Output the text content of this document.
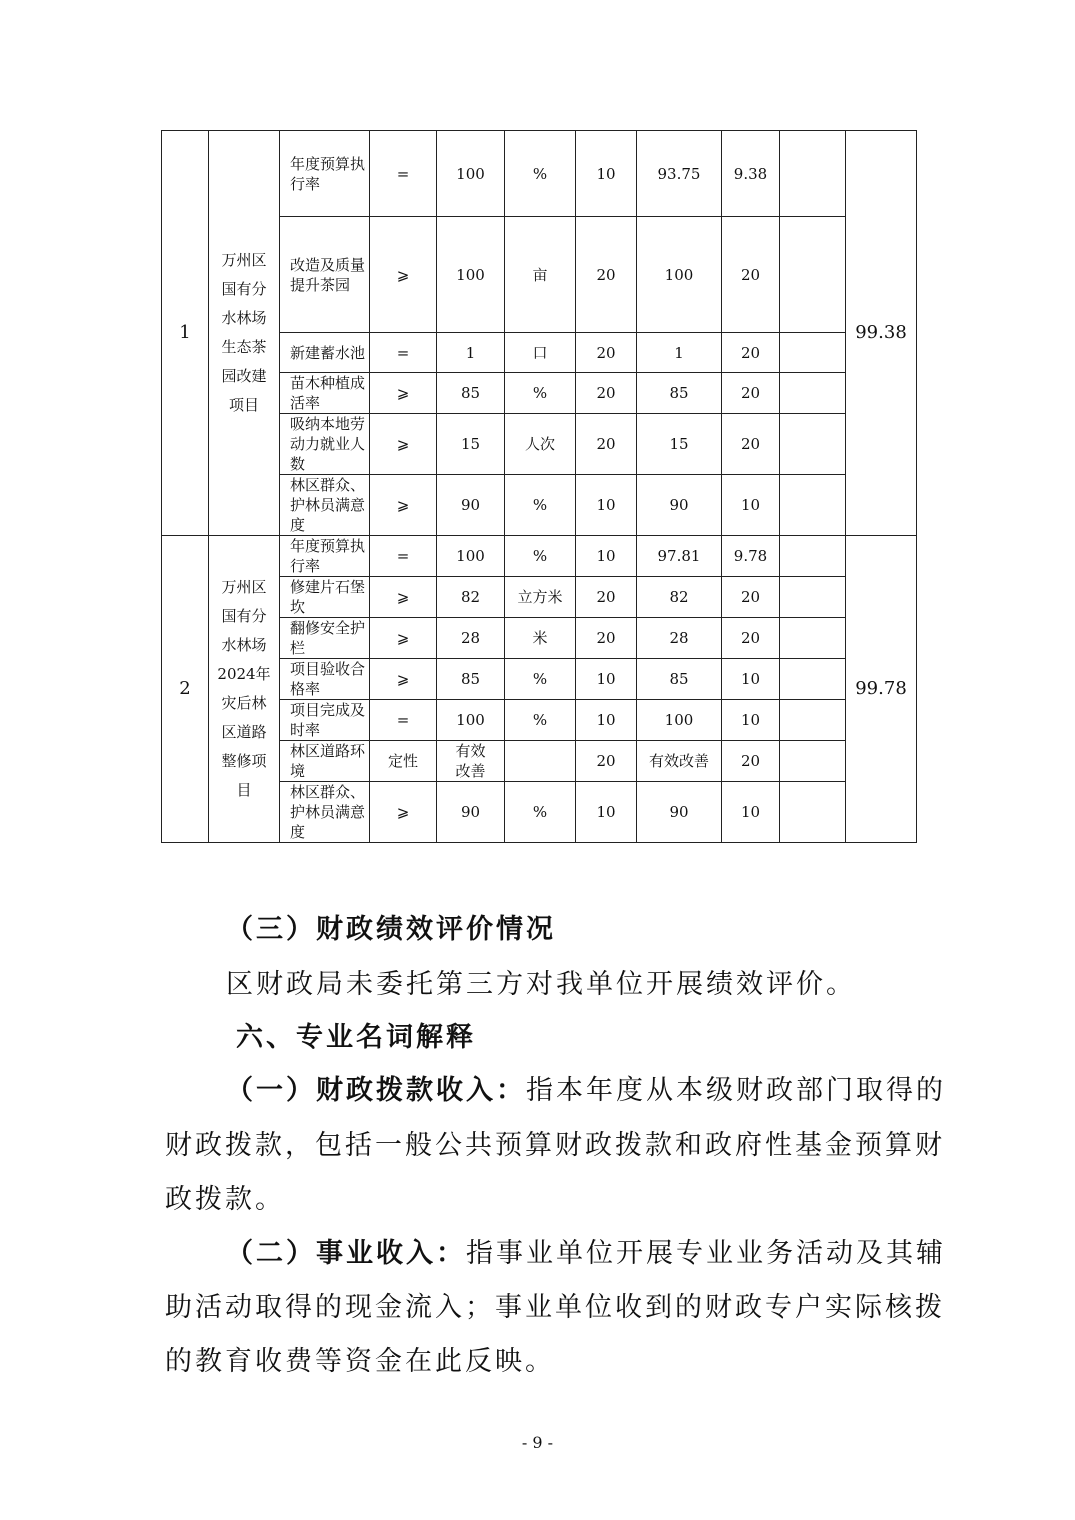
1	万州区国有分水林场生态茶园改建项目	年度预算执行率	=	100	%	10	93.75	9.38		99.38
		改造及质量提升茶园	⩾	100	亩	20	100	20		
		新建蓄水池	=	1	口	20	1	20		
		苗木种植成活率	⩾	85	%	20	85	20		
		吸纳本地劳动力就业人数	⩾	15	人次	20	15	20		
		林区群众、护林员满意度	⩾	90	%	10	90	10		
2	万州区国有分水林场2024年灾后林区道路整修项目	年度预算执行率	=	100	%	10	97.81	9.78		99.78
		修建片石堡坎	⩾	82	立方米	20	82	20		
		翻修安全护栏	⩾	28	米	20	28	20		
		项目验收合格率	⩾	85	%	10	85	10		
		项目完成及时率	=	100	%	10	100	10		
		林区道路环境	定性	有效改善		20	有效改善	20		
		林区群众、护林员满意度	⩾	90	%	10	90	10		
（三）财政绩效评价情况
区财政局未委托第三方对我单位开展绩效评价。
六、专业名词解释
（一）财政拨款收入：指本年度从本级财政部门取得的
财政拨款，包括一般公共预算财政拨款和政府性基金预算财
政拨款。
（二）事业收入：指事业单位开展专业业务活动及其辅
助活动取得的现金流入；事业单位收到的财政专户实际核拨
的教育收费等资金在此反映。
- 9 -
